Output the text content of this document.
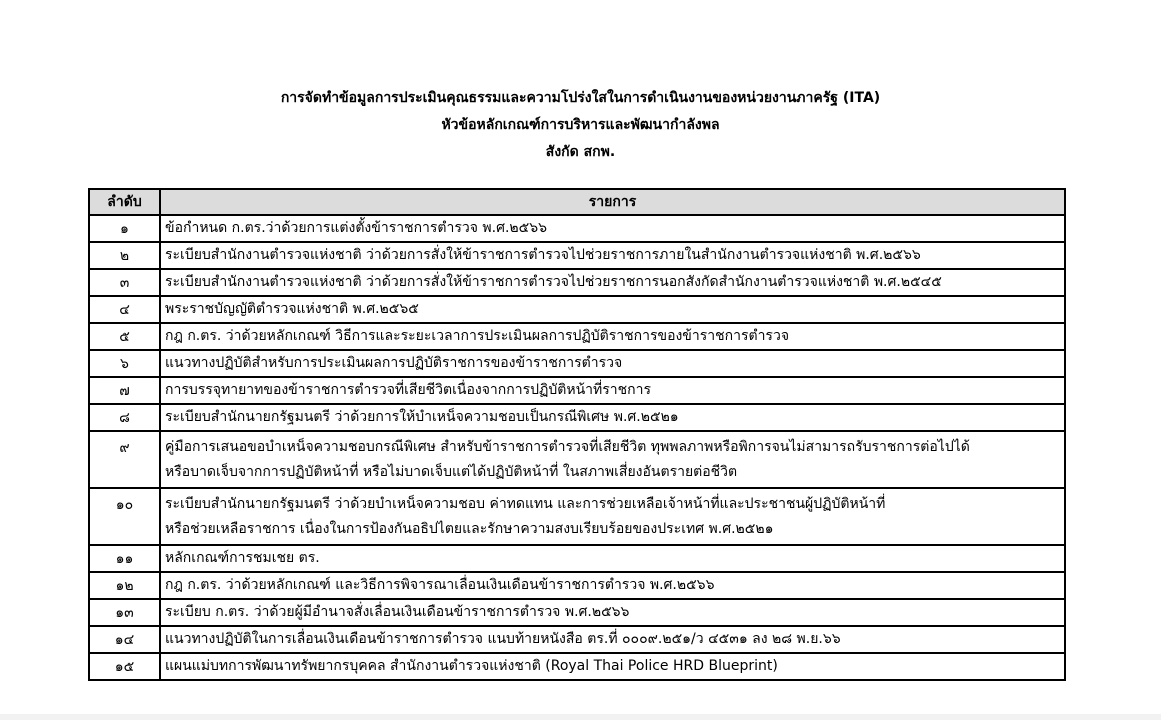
การจัดทำข้อมูลการประเมินคุณธรรมและความโปร่งใสในการดำเนินงานของหน่วยงานภาครัฐ (ITA)
หัวข้อหลักเกณฑ์การบริหารและพัฒนากำลังพล
สังกัด สกพ.
ลำดับ	รายการ
๑	ข้อกำหนด ก.ตร.ว่าด้วยการแต่งตั้งข้าราชการตำรวจ พ.ศ.๒๕๖๖

๒	ระเบียบสำนักงานตำรวจแห่งชาติ ว่าด้วยการสั่งให้ข้าราชการตำรวจไปช่วยราชการภายในสำนักงานตำรวจแห่งชาติ พ.ศ.๒๕๖๖

๓	ระเบียบสำนักงานตำรวจแห่งชาติ ว่าด้วยการสั่งให้ข้าราชการตำรวจไปช่วยราชการนอกสังกัดสำนักงานตำรวจแห่งชาติ พ.ศ.๒๕๔๕

๔	พระราชบัญญัติตำรวจแห่งชาติ พ.ศ.๒๕๖๕

๕	กฎ ก.ตร. ว่าด้วยหลักเกณฑ์ วิธีการและระยะเวลาการประเมินผลการปฏิบัติราชการของข้าราชการตำรวจ

๖	แนวทางปฏิบัติสำหรับการประเมินผลการปฏิบัติราชการของข้าราชการตำรวจ

๗	การบรรจุทายาทของข้าราชการตำรวจที่เสียชีวิตเนื่องจากการปฏิบัติหน้าที่ราชการ

๘	ระเบียบสำนักนายกรัฐมนตรี ว่าด้วยการให้บำเหน็จความชอบเป็นกรณีพิเศษ พ.ศ.๒๕๒๑

๙	คู่มือการเสนอขอบำเหน็จความชอบกรณีพิเศษ สำหรับข้าราชการตำรวจที่เสียชีวิต ทุพพลภาพหรือพิการจนไม่สามารถรับราชการต่อไปได้
หรือบาดเจ็บจากการปฏิบัติหน้าที่ หรือไม่บาดเจ็บแต่ได้ปฏิบัติหน้าที่ ในสภาพเสี่ยงอันตรายต่อชีวิต

๑๐	ระเบียบสำนักนายกรัฐมนตรี ว่าด้วยบำเหน็จความชอบ ค่าทดแทน และการช่วยเหลือเจ้าหน้าที่และประชาชนผู้ปฏิบัติหน้าที่
หรือช่วยเหลือราชการ เนื่องในการป้องกันอธิปไตยและรักษาความสงบเรียบร้อยของประเทศ พ.ศ.๒๕๒๑

๑๑	หลักเกณฑ์การชมเชย ตร.

๑๒	กฎ ก.ตร. ว่าด้วยหลักเกณฑ์ และวิธีการพิจารณาเลื่อนเงินเดือนข้าราชการตำรวจ พ.ศ.๒๕๖๖

๑๓	ระเบียบ ก.ตร. ว่าด้วยผู้มีอำนาจสั่งเลื่อนเงินเดือนข้าราชการตำรวจ พ.ศ.๒๕๖๖

๑๔	แนวทางปฏิบัติในการเลื่อนเงินเดือนข้าราชการตำรวจ แนบท้ายหนังสือ ตร.ที่ ๐๐๐๙.๒๕๑/ว ๔๕๓๑ ลง ๒๘ พ.ย.๖๖

๑๕	แผนแม่บทการพัฒนาทรัพยากรบุคคล สำนักงานตำรวจแห่งชาติ (Royal Thai Police HRD Blueprint)
